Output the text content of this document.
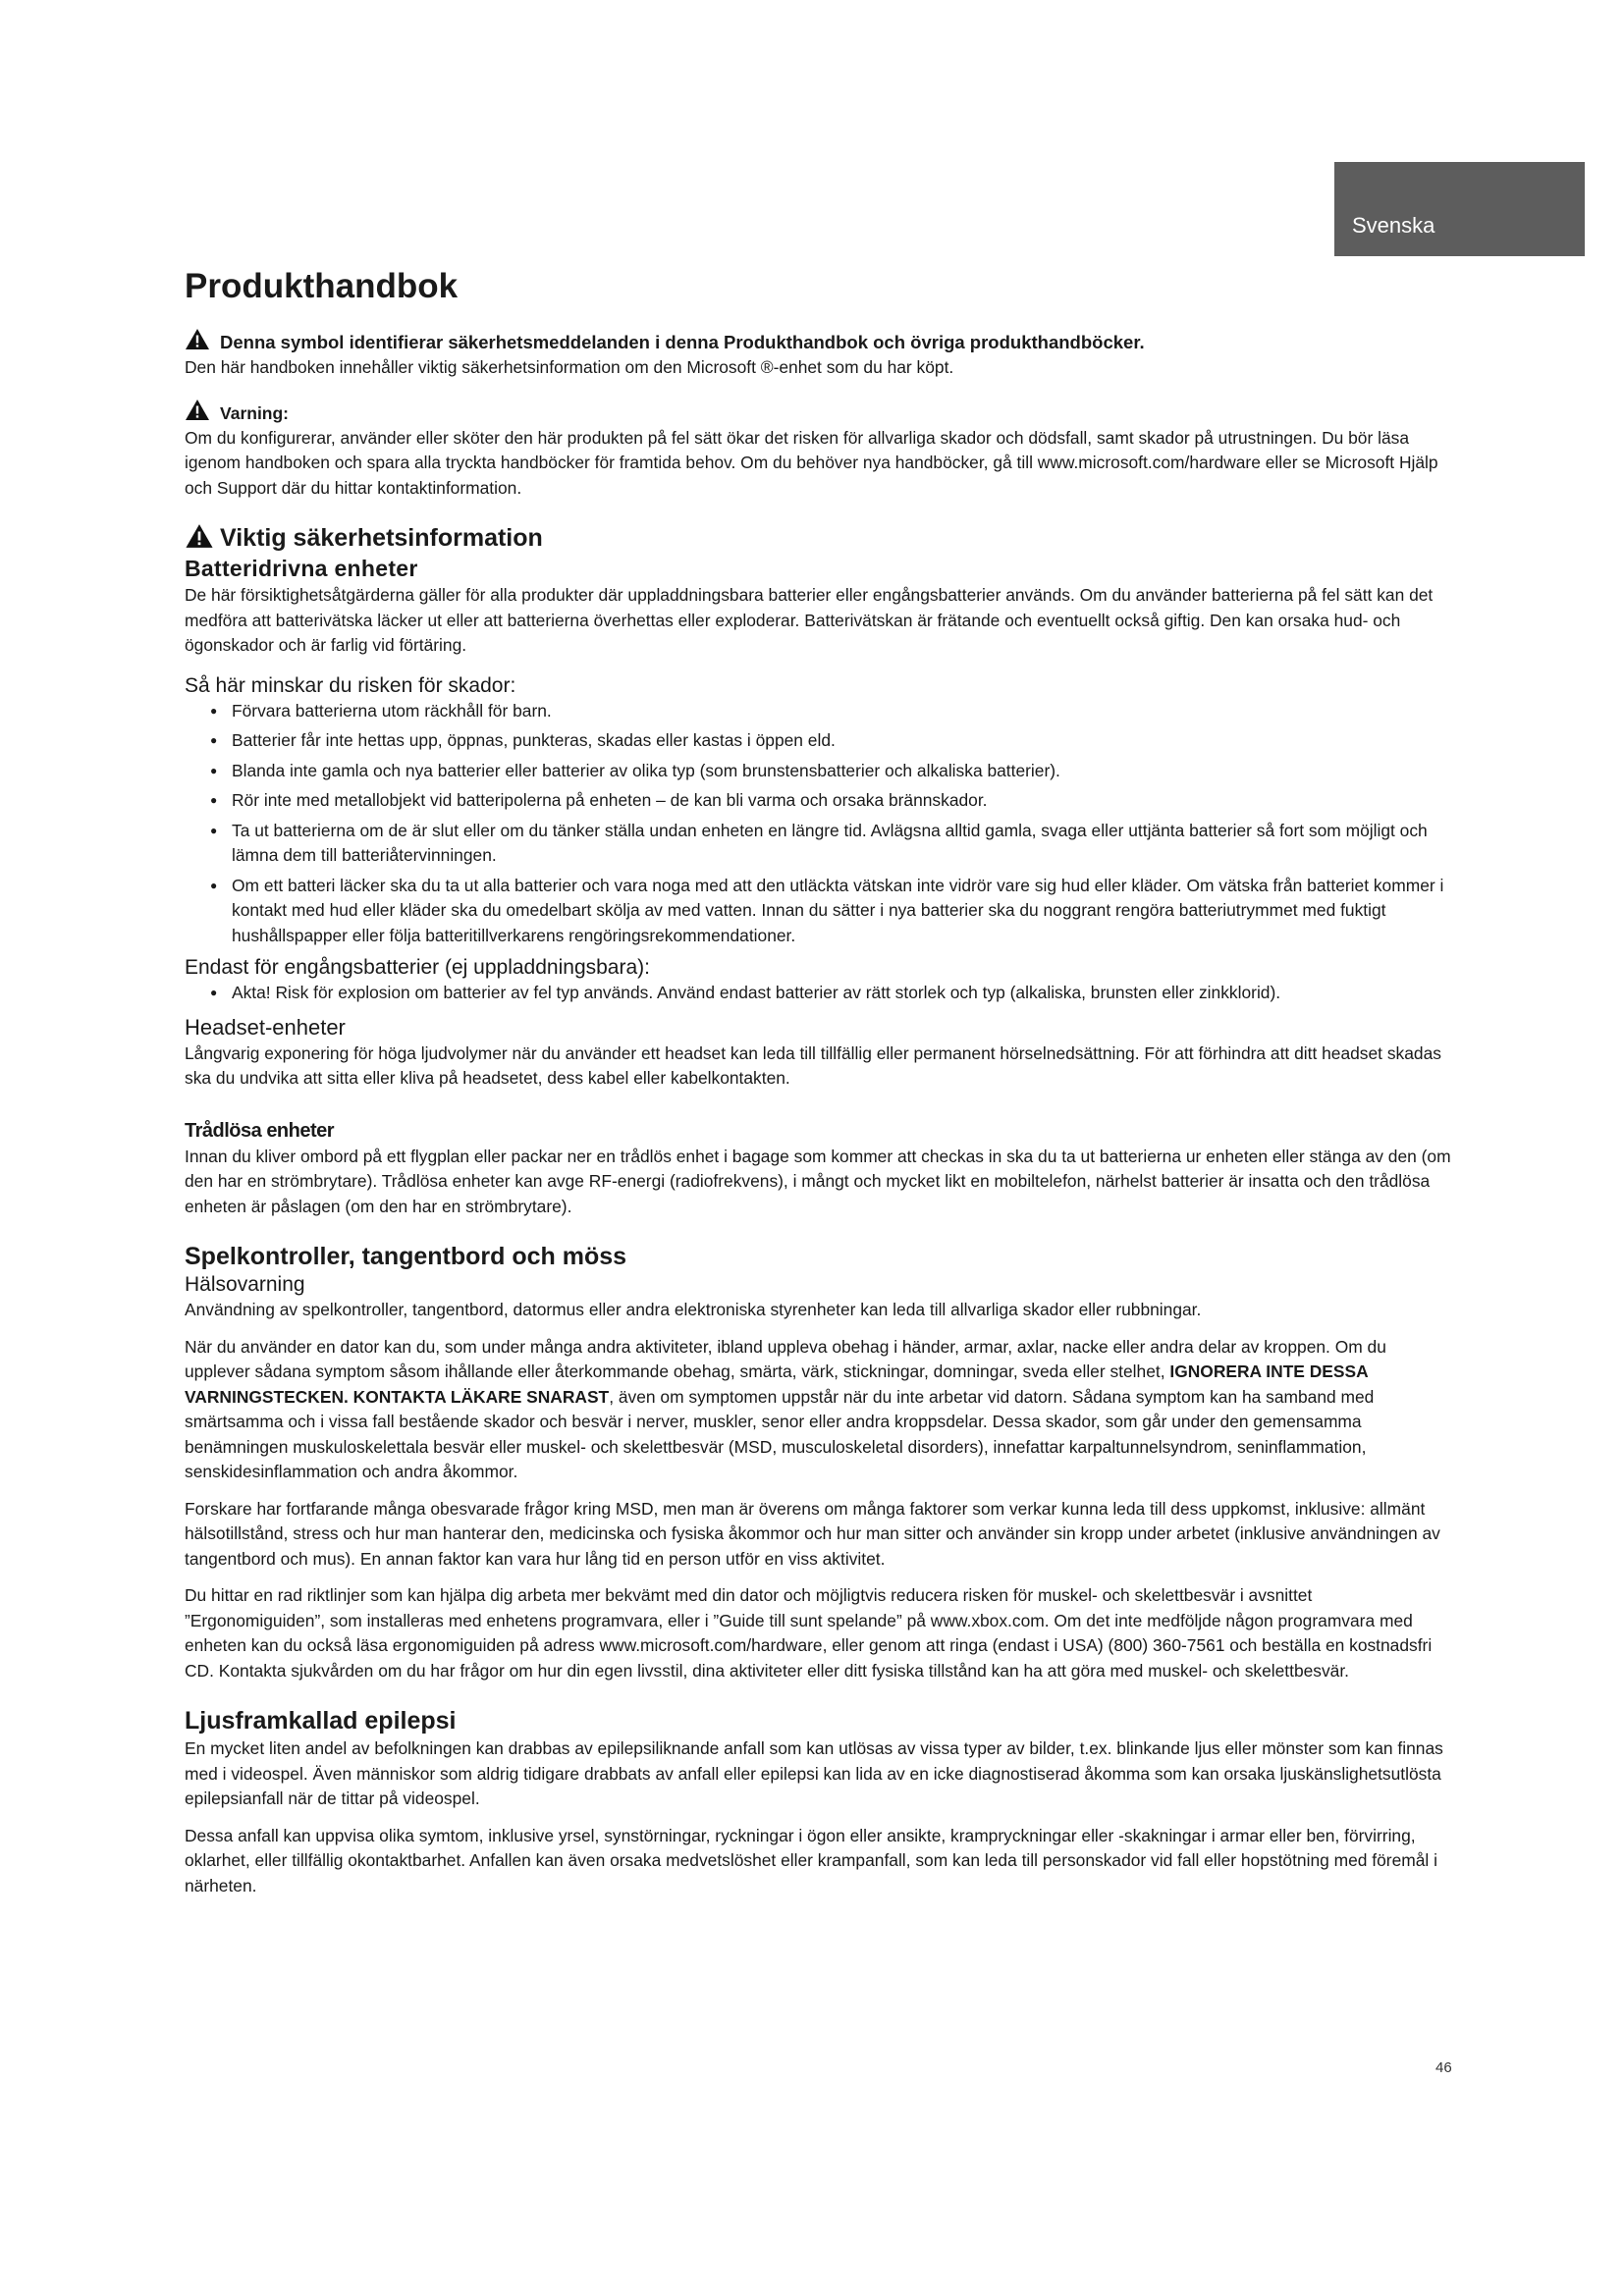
Svenska
Produkthandbok
Denna symbol identifierar säkerhetsmeddelanden i denna Produkthandbok och övriga produkthandböcker.

Den här handboken innehåller viktig säkerhetsinformation om den Microsoft ®-enhet som du har köpt.

Varning:

Om du konfigurerar, använder eller sköter den här produkten på fel sätt ökar det risken för allvarliga skador och dödsfall, samt skador på utrustningen. Du bör läsa igenom handboken och spara alla tryckta handböcker för framtida behov. Om du behöver nya handböcker, gå till www.microsoft.com/hardware eller se Microsoft Hjälp och Support där du hittar kontaktinformation.

Viktig säkerhetsinformation
Batteridrivna enheter

De här försiktighetsåtgärderna gäller för alla produkter där uppladdningsbara batterier eller engångsbatterier används. Om du använder batterierna på fel sätt kan det medföra att batterivätska läcker ut eller att batterierna överhettas eller exploderar. Batterivätskan är frätande och eventuellt också giftig. Den kan orsaka hud- och ögonskador och är farlig vid förtäring.

Så här minskar du risken för skador:
● Förvara batterierna utom räckhåll för barn.
● Batterier får inte hettas upp, öppnas, punkteras, skadas eller kastas i öppen eld.
● Blanda inte gamla och nya batterier eller batterier av olika typ (som brunstensbatterier och alkaliska batterier).
● Rör inte med metallobjekt vid batteripolerna på enheten – de kan bli varma och orsaka brännskador.
● Ta ut batterierna om de är slut eller om du tänker ställa undan enheten en längre tid. Avlägsna alltid gamla, svaga eller uttjänta batterier så fort som möjligt och lämna dem till batteriåtervinningen.
● Om ett batteri läcker ska du ta ut alla batterier och vara noga med att den utläckta vätskan inte vidrör vare sig hud eller kläder. Om vätska från batteriet kommer i kontakt med hud eller kläder ska du omedelbart skölja av med vatten. Innan du sätter i nya batterier ska du noggrant rengöra batteriutrymmet med fuktigt hushållspapper eller följa batteritillverkarens rengöringsrekommendationer.
Endast för engångsbatterier (ej uppladdningsbara):
● Akta! Risk för explosion om batterier av fel typ används. Använd endast batterier av rätt storlek och typ (alkaliska, brunsten eller zinkklorid).
Headset-enheter

Långvarig exponering för höga ljudvolymer när du använder ett headset kan leda till tillfällig eller permanent hörselnedsättning. För att förhindra att ditt headset skadas ska du undvika att sitta eller kliva på headsetet, dess kabel eller kabelkontakten.

Trådlösa enheter

Innan du kliver ombord på ett flygplan eller packar ner en trådlös enhet i bagage som kommer att checkas in ska du ta ut batterierna ur enheten eller stänga av den (om den har en strömbrytare). Trådlösa enheter kan avge RF-energi (radiofrekvens), i mångt och mycket likt en mobiltelefon, närhelst batterier är insatta och den trådlösa enheten är påslagen (om den har en strömbrytare).

Spelkontroller, tangentbord och möss
Hälsovarning

Användning av spelkontroller, tangentbord, datormus eller andra elektroniska styrenheter kan leda till allvarliga skador eller rubbningar.

När du använder en dator kan du, som under många andra aktiviteter, ibland uppleva obehag i händer, armar, axlar, nacke eller andra delar av kroppen. Om du upplever sådana symptom såsom ihållande eller återkommande obehag, smärta, värk, stickningar, domningar, sveda eller stelhet, IGNORERA INTE DESSA VARNINGSTECKEN. KONTAKTA LÄKARE SNARAST, även om symptomen uppstår när du inte arbetar vid datorn. Sådana symptom kan ha samband med smärtsamma och i vissa fall bestående skador och besvär i nerver, muskler, senor eller andra kroppsdelar. Dessa skador, som går under den gemensamma benämningen muskuloskelettala besvär eller muskel- och skelettbesvär (MSD, musculoskeletal disorders), innefattar karpaltunnelsyndrom, seninflammation, senskidesinflammation och andra åkommor.

Forskare har fortfarande många obesvarade frågor kring MSD, men man är överens om många faktorer som verkar kunna leda till dess uppkomst, inklusive: allmänt hälsotillstånd, stress och hur man hanterar den, medicinska och fysiska åkommor och hur man sitter och använder sin kropp under arbetet (inklusive användningen av tangentbord och mus). En annan faktor kan vara hur lång tid en person utför en viss aktivitet.

Du hittar en rad riktlinjer som kan hjälpa dig arbeta mer bekvämt med din dator och möjligtvis reducera risken för muskel- och skelettbesvär i avsnittet ”Ergonomiguiden”, som installeras med enhetens programvara, eller i ”Guide till sunt spelande” på www.xbox.com. Om det inte medföljde någon programvara med enheten kan du också läsa ergonomiguiden på adress www.microsoft.com/hardware, eller genom att ringa (endast i USA) (800) 360-7561 och beställa en kostnadsfri CD. Kontakta sjukvården om du har frågor om hur din egen livsstil, dina aktiviteter eller ditt fysiska tillstånd kan ha att göra med muskel- och skelettbesvär.

Ljusframkallad epilepsi

En mycket liten andel av befolkningen kan drabbas av epilepsiliknande anfall som kan utlösas av vissa typer av bilder, t.ex. blinkande ljus eller mönster som kan finnas med i videospel. Även människor som aldrig tidigare drabbats av anfall eller epilepsi kan lida av en icke diagnostiserad åkomma som kan orsaka ljuskänslighetsutlösta epilepsianfall när de tittar på videospel.

Dessa anfall kan uppvisa olika symtom, inklusive yrsel, synstörningar, ryckningar i ögon eller ansikte, krampryckningar eller -skakningar i armar eller ben, förvirring, oklarhet, eller tillfällig okontaktbarhet. Anfallen kan även orsaka medvetslöshet eller krampanfall, som kan leda till personskador vid fall eller hopstötning med föremål i närheten.

46
